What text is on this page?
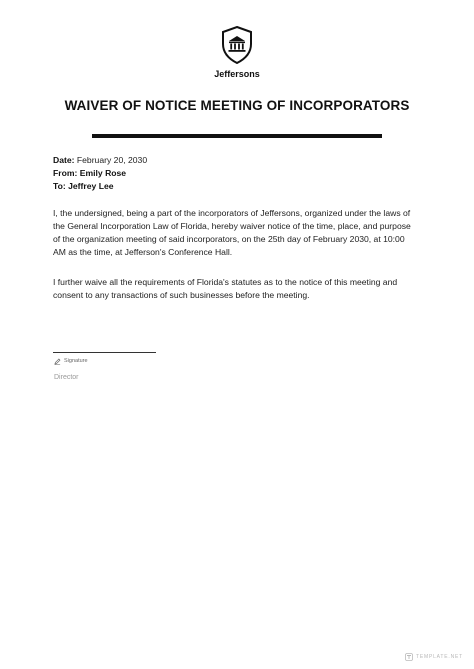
Jeffersons
WAIVER OF NOTICE MEETING OF INCORPORATORS
Date: February 20, 2030
From: Emily Rose
To: Jeffrey Lee
I, the undersigned, being a part of the incorporators of Jeffersons, organized under the laws of
the General Incorporation Law of Florida, hereby waiver notice of the time, place, and purpose
of the organization meeting of said incorporators, on the 25th day of February 2030, at 10:00
AM as the time, at Jefferson's Conference Hall.
I further waive all the requirements of Florida's statutes as to the notice of this meeting and
consent to any transactions of such businesses before the meeting.
Signature
Director
TEMPLATE.NET
